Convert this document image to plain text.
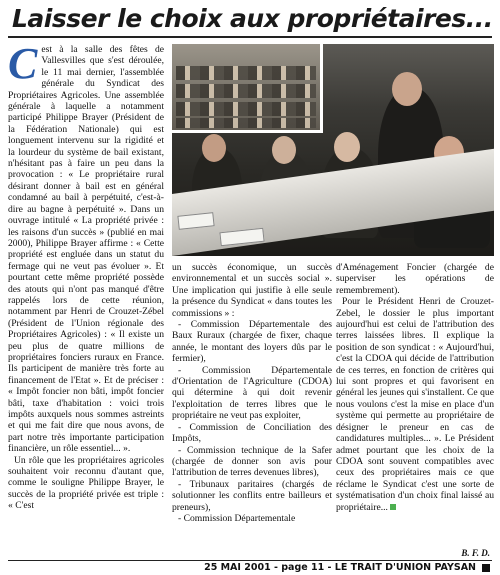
Laisser le choix aux propriétaires...
C est à la salle des fêtes de Vallesvilles que s'est déroulée, le 11 mai dernier, l'assemblée générale du Syndicat des Propriétaires Agricoles. Une assemblée générale à laquelle a notamment participé Philippe Brayer (Président de la Fédération Nationale) qui est longuement intervenu sur la rigidité et la lourdeur du système de bail existant, n'hésitant pas à faire un peu dans la provocation : « Le propriétaire rural désirant donner à bail est en général condamné au bail à perpétuité, c'est-à-dire au bagne à perpétuité ». Dans un ouvrage intitulé « La propriété privée : les raisons d'un succès » (publié en mai 2000), Philippe Brayer affirme : « Cette propriété est engluée dans un statut du fermage qui ne veut pas évoluer ». Et pourtant cette même propriété possède des atouts qui n'ont pas manqué d'être rappelés lors de cette réunion, notamment par Henri de Crouzet-Zébel (Président de l'Union régionale des Propriétaires Agricoles) : « Il existe un peu plus de quatre millions de propriétaires fonciers ruraux en France. Ils participent de manière très forte au financement de l'Etat ». Et de préciser : « Impôt foncier non bâti, impôt foncier bâti, taxe d'habitation : voici trois impôts auxquels nous sommes astreints et qui me fait dire que nous avons, de part notre très importante participation financière, un rôle essentiel... ».

Un rôle que les propriétaires agricoles souhaitent voir reconnu d'autant que, comme le souligne Philippe Brayer, le succès de la propriété privée est triple : « C'est

un succès économique, un succès environnemental et un succès social ». Une implication qui justifie à elle seule la présence du Syndicat « dans toutes les commissions » :

- Commission Départementale des Baux Ruraux (chargée de fixer, chaque année, le montant des loyers dûs par le fermier),

- Commission Départementale d'Orientation de l'Agriculture (CDOA) qui détermine à qui doit revenir l'exploitation de terres libres que le propriétaire ne veut pas exploiter,

- Commission de Conciliation des Impôts,

- Commission technique de la Safer (chargée de donner son avis pour l'attribution de terres devenues libres),

- Tribunaux paritaires (chargés de solutionner les conflits entre bailleurs et preneurs),

- Commission Départementale

d'Aménagement Foncier (chargée de superviser les opérations de remembrement).

Pour le Président Henri de Crouzet-Zebel, le dossier le plus important aujourd'hui est celui de l'attribution des terres laissées libres. Il explique la position de son syndicat : « Aujourd'hui, c'est la CDOA qui décide de l'attribution de ces terres, en fonction de critères qui lui sont propres et qui favorisent en général les jeunes qui s'installent. Ce que nous voulons c'est la mise en place d'un système qui permette au propriétaire de désigner le preneur en cas de candidatures multiples... ». Le Président admet pourtant que les choix de la CDOA sont souvent compatibles avec ceux des propriétaires mais ce que réclame le Syndicat c'est une sorte de systématisation d'un choix final laissé au propriétaire...

B. F. D.
25 MAI 2001 - page 11 - LE TRAIT D'UNION PAYSAN
